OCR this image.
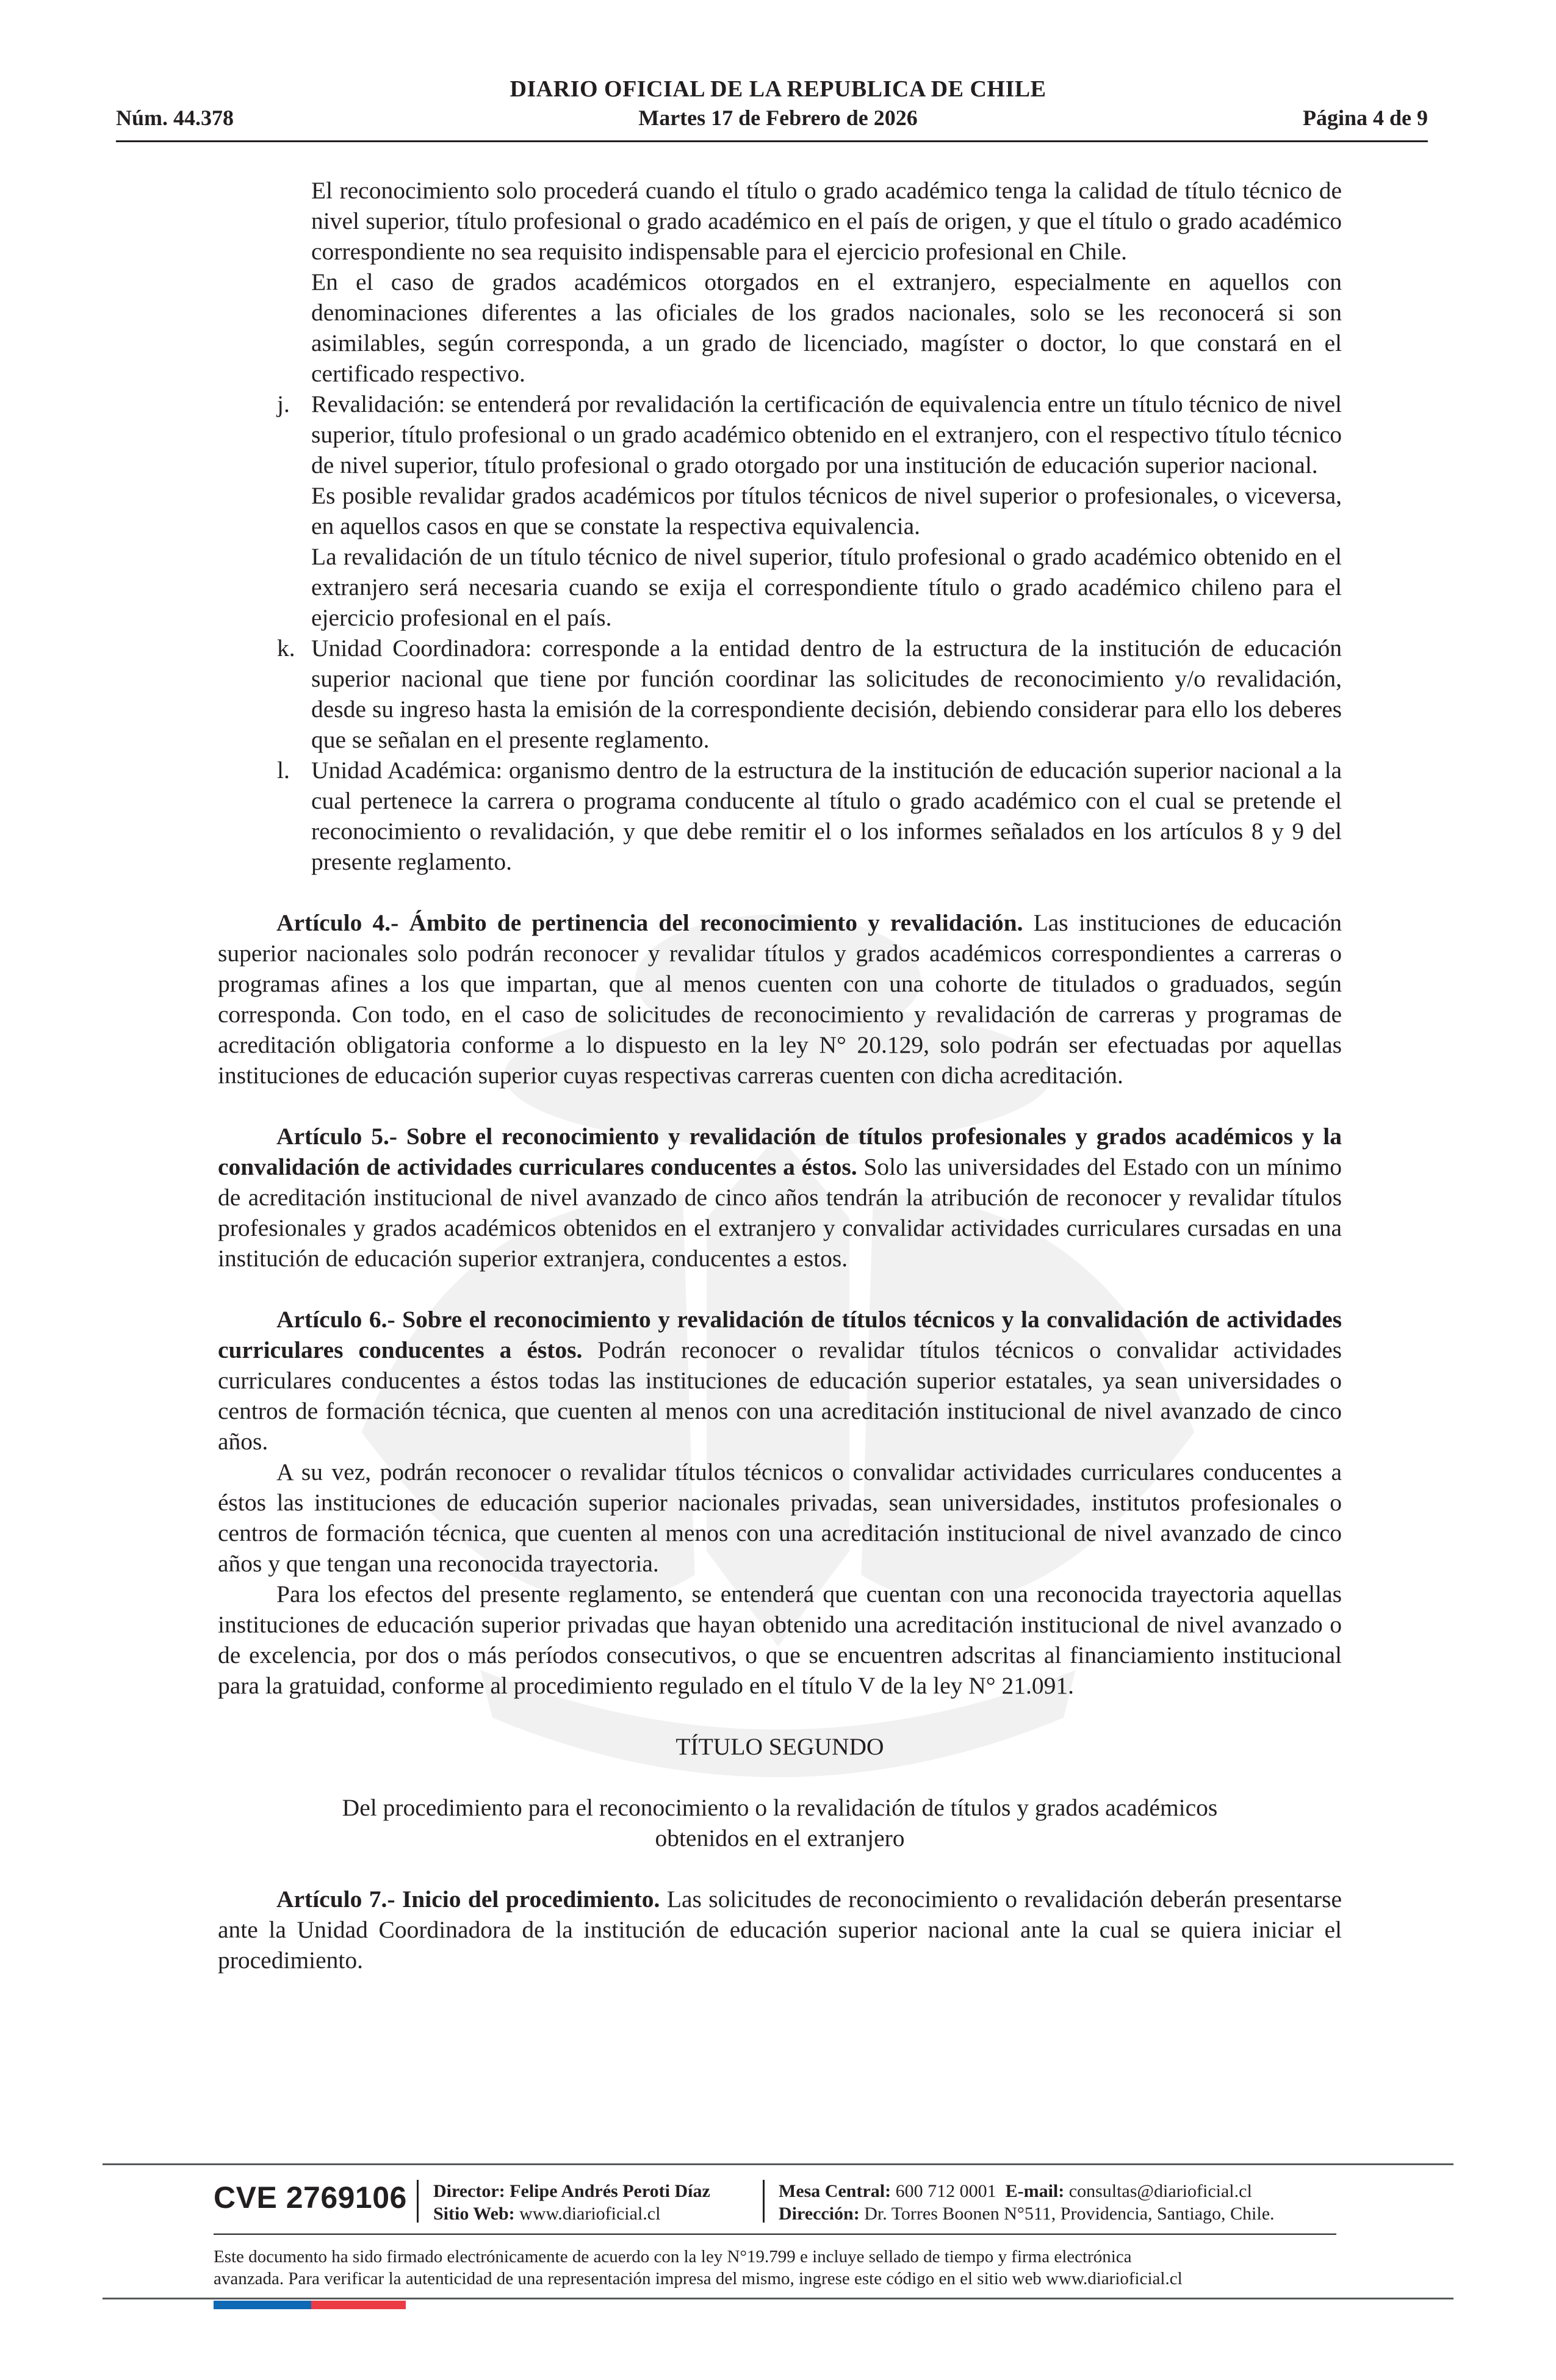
DIARIO OFICIAL DE LA REPUBLICA DE CHILE
Núm. 44.378	Martes 17 de Febrero de 2026	Página 4 de 9

El reconocimiento solo procederá cuando el título o grado académico tenga la calidad de título técnico de nivel superior, título profesional o grado académico en el país de origen, y que el título o grado académico correspondiente no sea requisito indispensable para el ejercicio profesional en Chile.

En el caso de grados académicos otorgados en el extranjero, especialmente en aquellos con denominaciones diferentes a las oficiales de los grados nacionales, solo se les reconocerá si son asimilables, según corresponda, a un grado de licenciado, magíster o doctor, lo que constará en el certificado respectivo.

j. Revalidación: se entenderá por revalidación la certificación de equivalencia entre un título técnico de nivel superior, título profesional o un grado académico obtenido en el extranjero, con el respectivo título técnico de nivel superior, título profesional o grado otorgado por una institución de educación superior nacional.

Es posible revalidar grados académicos por títulos técnicos de nivel superior o profesionales, o viceversa, en aquellos casos en que se constate la respectiva equivalencia.

La revalidación de un título técnico de nivel superior, título profesional o grado académico obtenido en el extranjero será necesaria cuando se exija el correspondiente título o grado académico chileno para el ejercicio profesional en el país.

k. Unidad Coordinadora: corresponde a la entidad dentro de la estructura de la institución de educación superior nacional que tiene por función coordinar las solicitudes de reconocimiento y/o revalidación, desde su ingreso hasta la emisión de la correspondiente decisión, debiendo considerar para ello los deberes que se señalan en el presente reglamento.

l. Unidad Académica: organismo dentro de la estructura de la institución de educación superior nacional a la cual pertenece la carrera o programa conducente al título o grado académico con el cual se pretende el reconocimiento o revalidación, y que debe remitir el o los informes señalados en los artículos 8 y 9 del presente reglamento.

Artículo 4.- Ámbito de pertinencia del reconocimiento y revalidación. Las instituciones de educación superior nacionales solo podrán reconocer y revalidar títulos y grados académicos correspondientes a carreras o programas afines a los que impartan, que al menos cuenten con una cohorte de titulados o graduados, según corresponda. Con todo, en el caso de solicitudes de reconocimiento y revalidación de carreras y programas de acreditación obligatoria conforme a lo dispuesto en la ley N° 20.129, solo podrán ser efectuadas por aquellas instituciones de educación superior cuyas respectivas carreras cuenten con dicha acreditación.

Artículo 5.- Sobre el reconocimiento y revalidación de títulos profesionales y grados académicos y la convalidación de actividades curriculares conducentes a éstos. Solo las universidades del Estado con un mínimo de acreditación institucional de nivel avanzado de cinco años tendrán la atribución de reconocer y revalidar títulos profesionales y grados académicos obtenidos en el extranjero y convalidar actividades curriculares cursadas en una institución de educación superior extranjera, conducentes a estos.

Artículo 6.- Sobre el reconocimiento y revalidación de títulos técnicos y la convalidación de actividades curriculares conducentes a éstos. Podrán reconocer o revalidar títulos técnicos o convalidar actividades curriculares conducentes a éstos todas las instituciones de educación superior estatales, ya sean universidades o centros de formación técnica, que cuenten al menos con una acreditación institucional de nivel avanzado de cinco años.

A su vez, podrán reconocer o revalidar títulos técnicos o convalidar actividades curriculares conducentes a éstos las instituciones de educación superior nacionales privadas, sean universidades, institutos profesionales o centros de formación técnica, que cuenten al menos con una acreditación institucional de nivel avanzado de cinco años y que tengan una reconocida trayectoria.

Para los efectos del presente reglamento, se entenderá que cuentan con una reconocida trayectoria aquellas instituciones de educación superior privadas que hayan obtenido una acreditación institucional de nivel avanzado o de excelencia, por dos o más períodos consecutivos, o que se encuentren adscritas al financiamiento institucional para la gratuidad, conforme al procedimiento regulado en el título V de la ley N° 21.091.

TÍTULO SEGUNDO

Del procedimiento para el reconocimiento o la revalidación de títulos y grados académicos
obtenidos en el extranjero

Artículo 7.- Inicio del procedimiento. Las solicitudes de reconocimiento o revalidación deberán presentarse ante la Unidad Coordinadora de la institución de educación superior nacional ante la cual se quiera iniciar el procedimiento.

CVE 2769106 Director: Felipe Andrés Peroti Díaz
Sitio Web: www.diarioficial.cl
Mesa Central: 600 712 0001 E-mail: consultas@diarioficial.cl
Dirección: Dr. Torres Boonen N°511, Providencia, Santiago, Chile.
Este documento ha sido firmado electrónicamente de acuerdo con la ley N°19.799 e incluye sellado de tiempo y firma electrónica
avanzada. Para verificar la autenticidad de una representación impresa del mismo, ingrese este código en el sitio web www.diarioficial.cl
